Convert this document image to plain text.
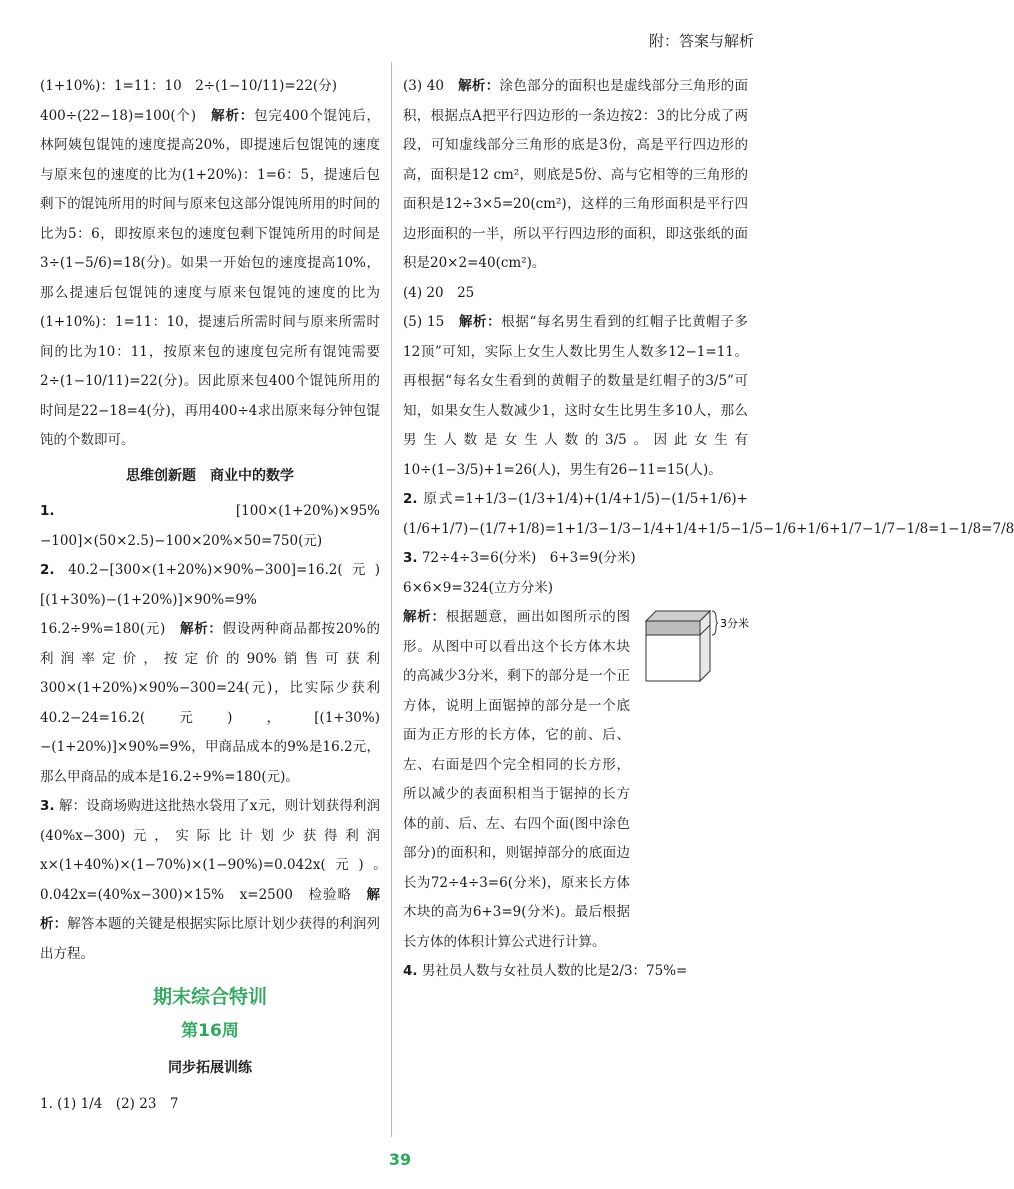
附：答案与解析

(1+10%)：1=11：10　2÷(1−10/11)=22(分)

400÷(22−18)=100(个)　解析：包完400个馄饨后，林阿姨包馄饨的速度提高20%，即提速后包馄饨的速度与原来包的速度的比为(1+20%)：1=6：5，提速后包剩下的馄饨所用的时间与原来包这部分馄饨所用的时间的比为5：6，即按原来包的速度包剩下馄饨所用的时间是3÷(1−5/6)=18(分)。如果一开始包的速度提高10%，那么提速后包馄饨的速度与原来包馄饨的速度的比为(1+10%)：1=11：10，提速后所需时间与原来所需时间的比为10：11，按原来包的速度包完所有馄饨需要2÷(1−10/11)=22(分)。因此原来包400个馄饨所用的时间是22−18=4(分)，再用400÷4求出原来每分钟包馄饨的个数即可。

思维创新题　商业中的数学

1.	[100×(1+20%)×95%−100]×(50×2.5)−100×20%×50=750(元)

2. 40.2−[300×(1+20%)×90%−300]=16.2(元)　[(1+30%)−(1+20%)]×90%=9%　16.2÷9%=180(元)　解析：假设两种商品都按20%的利润率定价，按定价的90%销售可获利300×(1+20%)×90%−300=24(元)，比实际少获利40.2−24=16.2(元)，[(1+30%)−(1+20%)]×90%=9%，甲商品成本的9%是16.2元，那么甲商品的成本是16.2÷9%=180(元)。

3. 解：设商场购进这批热水袋用了x元，则计划获得利润(40%x−300)元，实际比计划少获得利润x×(1+40%)×(1−70%)×(1−90%)=0.042x(元)。　0.042x=(40%x−300)×15%　x=2500　检验略　解析：解答本题的关键是根据实际比原计划少获得的利润列出方程。

期末综合特训
第16周
同步拓展训练

1. (1) 1/4　(2) 23　7

(3) 40　解析：涂色部分的面积也是虚线部分三角形的面积，根据点A把平行四边形的一条边按2：3的比分成了两段，可知虚线部分三角形的底是3份，高是平行四边形的高，面积是12 cm²，则底是5份、高与它相等的三角形的面积是12÷3×5=20(cm²)，这样的三角形面积是平行四边形面积的一半，所以平行四边形的面积，即这张纸的面积是20×2=40(cm²)。

(4) 20　25

(5) 15　解析：根据“每名男生看到的红帽子比黄帽子多12顶”可知，实际上女生人数比男生人数多12−1=11。再根据“每名女生看到的黄帽子的数量是红帽子的3/5”可知，如果女生人数减少1，这时女生比男生多10人，那么男生人数是女生人数的3/5。因此女生有10÷(1−3/5)+1=26(人)，男生有26−11=15(人)。

2. 原式=1+1/3−(1/3+1/4)+(1/4+1/5)−(1/5+1/6)+(1/6+1/7)−(1/7+1/8)=1+1/3−1/3−1/4+1/4+1/5−1/5−1/6+1/6+1/7−1/7−1/8=1−1/8=7/8

3. 72÷4÷3=6(分米)　6+3=9(分米)

6×6×9=324(立方分米)

3分米

解析：根据题意，画出如图所示的图形。从图中可以看出这个长方体木块的高减少3分米，剩下的部分是一个正方体，说明上面锯掉的部分是一个底面为正方形的长方体，它的前、后、左、右面是四个完全相同的长方形，所以减少的表面积相当于锯掉的长方体的前、后、左、右四个面(图中涂色部分)的面积和，则锯掉部分的底面边长为72÷4÷3=6(分米)，原来长方体木块的高为6+3=9(分米)。最后根据长方体的体积计算公式进行计算。

4. 男社员人数与女社员人数的比是2/3：75%=

39
